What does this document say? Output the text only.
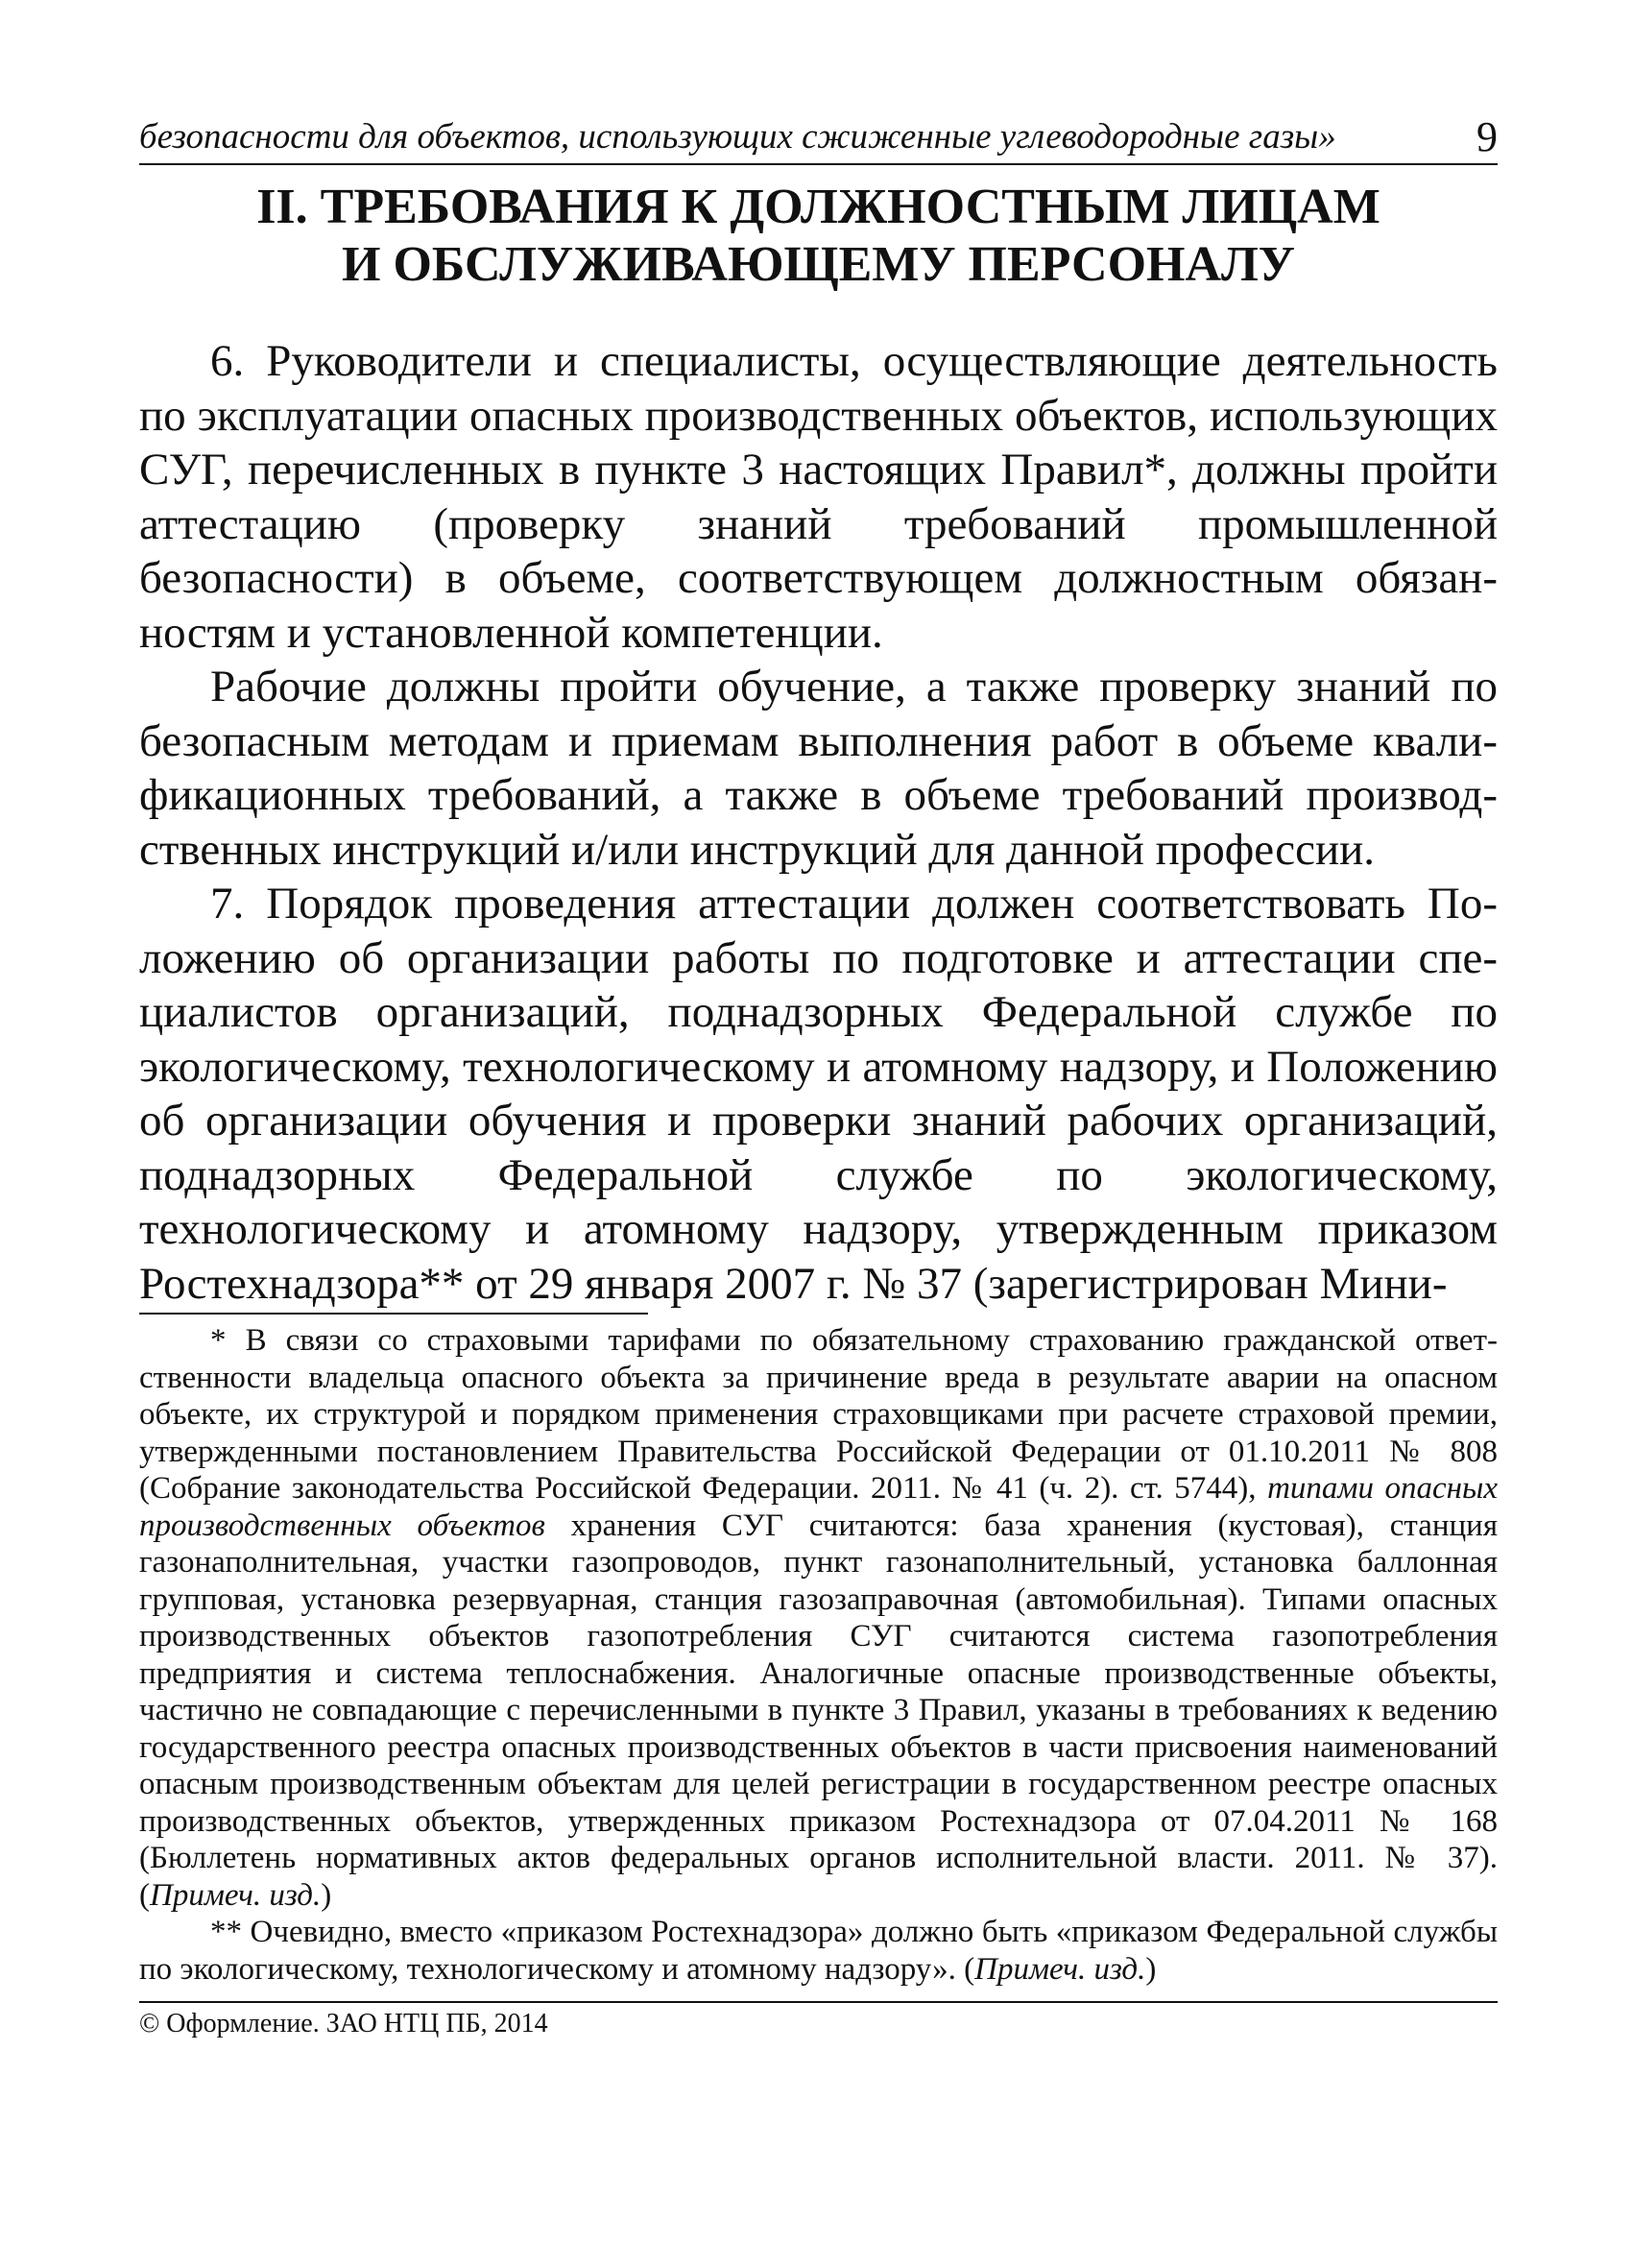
безопасности для объектов, использующих сжиженные углеводородные газы»	9
II. ТРЕБОВАНИЯ К ДОЛЖНОСТНЫМ ЛИЦАМ
И ОБСЛУЖИВАЮЩЕМУ ПЕРСОНАЛУ

6. Руководители и специалисты, осуществляющие деятельность по эксплуатации опасных производственных объектов, использующих СУГ, перечисленных в пункте 3 настоящих Правил*, должны пройти аттестацию (проверку знаний требований промышленной безопасности) в объеме, соответствующем должностным обязанностям и установленной компетенции.

Рабочие должны пройти обучение, а также проверку знаний по безопасным методам и приемам выполнения работ в объеме квалификационных требований, а также в объеме требований производственных инструкций и/или инструкций для данной профессии.

7. Порядок проведения аттестации должен соответствовать Положению об организации работы по подготовке и аттестации специалистов организаций, поднадзорных Федеральной службе по экологическому, технологическому и атомному надзору, и Положению об организации обучения и проверки знаний рабочих организаций, поднадзорных Федеральной службе по экологическому, технологическому и атомному надзору, утвержденным приказом Ростехнадзора** от 29 января 2007 г. № 37 (зарегистрирован Мини-

* В связи со страховыми тарифами по обязательному страхованию гражданской ответственности владельца опасного объекта за причинение вреда в результате аварии на опасном объекте, их структурой и порядком применения страховщиками при расчете страховой премии, утвержденными постановлением Правительства Российской Федерации от 01.10.2011 № 808 (Собрание законодательства Российской Федерации. 2011. № 41 (ч. 2). ст. 5744), типами опасных производственных объектов хранения СУГ считаются: база хранения (кустовая), станция газонаполнительная, участки газопроводов, пункт газонаполнительный, установка баллонная групповая, установка резервуарная, станция газозаправочная (автомобильная). Типами опасных производственных объектов газопотребления СУГ считаются система газопотребления предприятия и система теплоснабжения. Аналогичные опасные производственные объекты, частично не совпадающие с перечисленными в пункте 3 Правил, указаны в требованиях к ведению государственного реестра опасных производственных объектов в части присвоения наименований опасным производственным объектам для целей регистрации в государственном реестре опасных производственных объектов, утвержденных приказом Ростехнадзора от 07.04.2011 № 168 (Бюллетень нормативных актов федеральных органов исполнительной власти. 2011. № 37). (Примеч. изд.)

** Очевидно, вместо «приказом Ростехнадзора» должно быть «приказом Федеральной службы по экологическому, технологическому и атомному надзору». (Примеч. изд.)

© Оформление. ЗАО НТЦ ПБ, 2014
